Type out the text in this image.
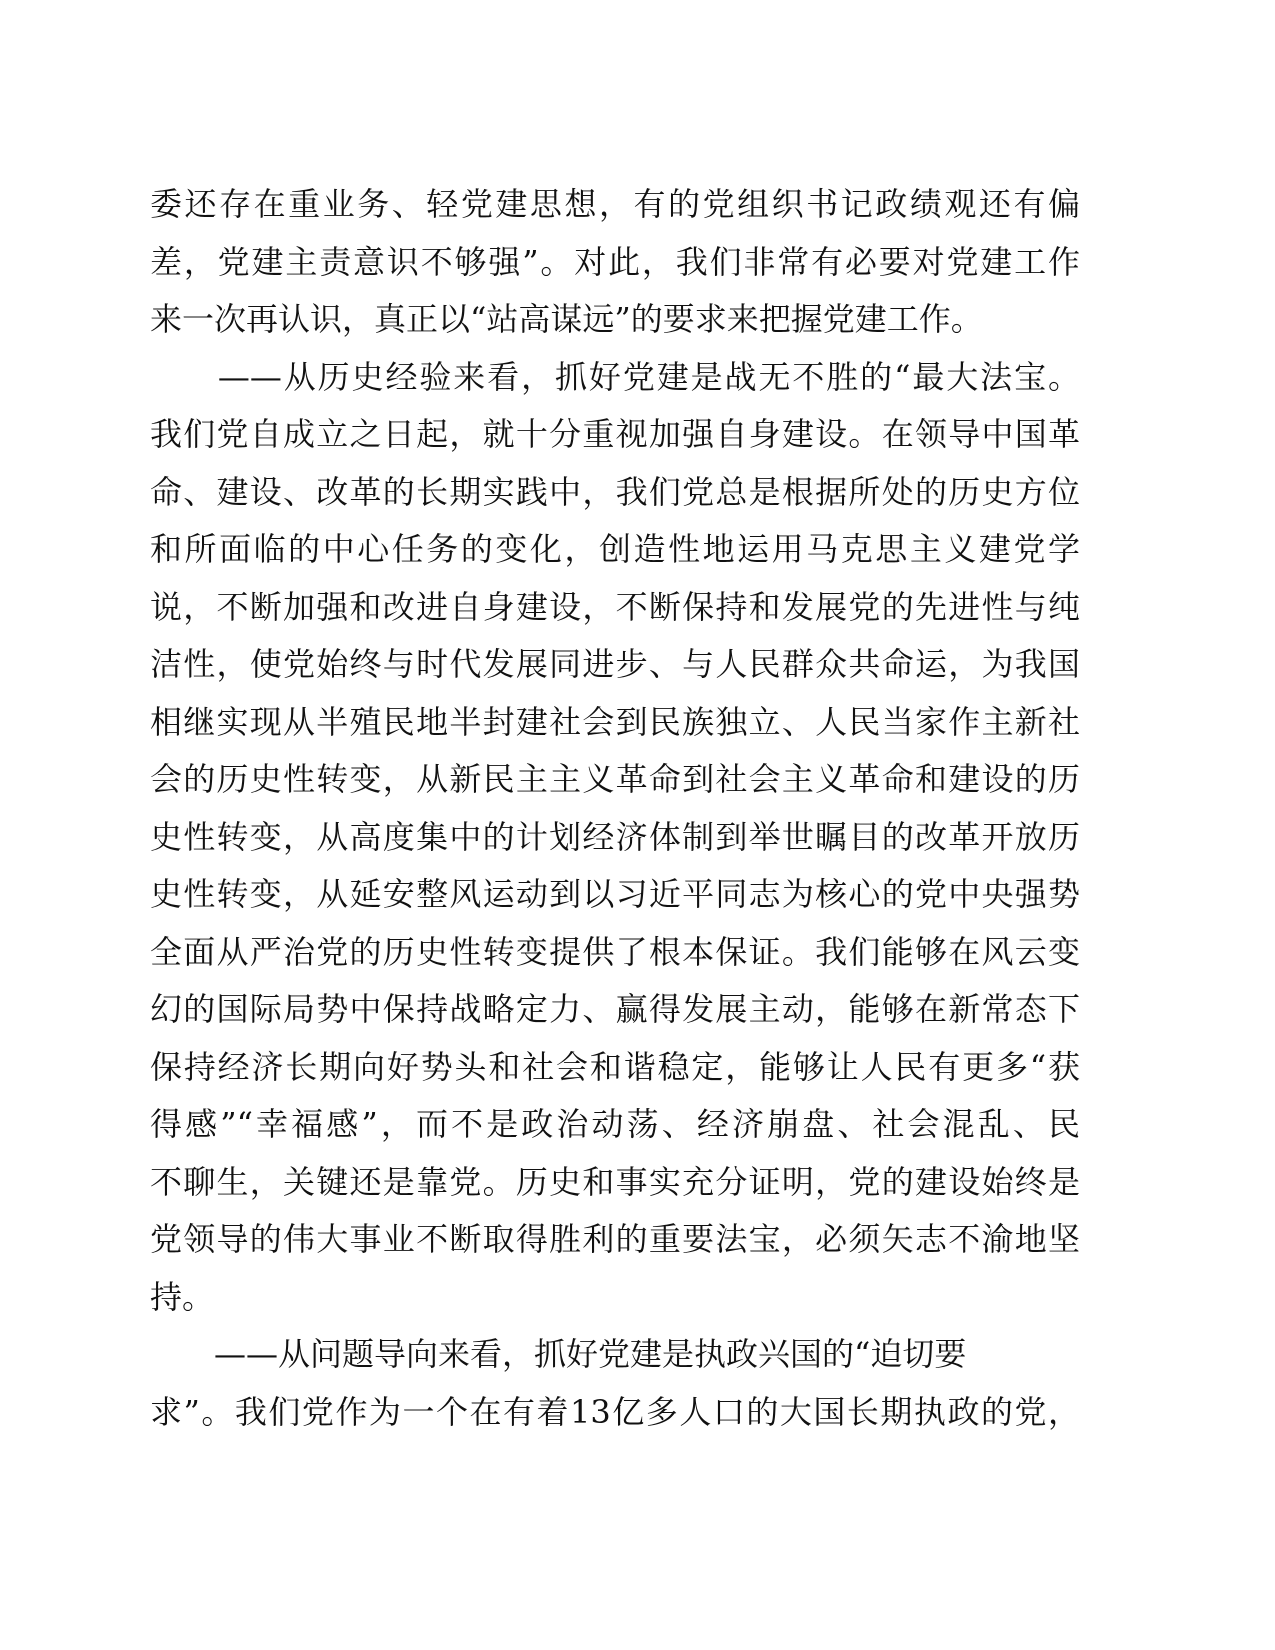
委还存在重业务、轻党建思想，有的党组织书记政绩观还有偏
差，党建主责意识不够强”。对此，我们非常有必要对党建工作
来一次再认识，真正以“站高谋远”的要求来把握党建工作。
　　——从历史经验来看，抓好党建是战无不胜的“最大法宝。
我们党自成立之日起，就十分重视加强自身建设。在领导中国革
命、建设、改革的长期实践中，我们党总是根据所处的历史方位
和所面临的中心任务的变化，创造性地运用马克思主义建党学
说，不断加强和改进自身建设，不断保持和发展党的先进性与纯
洁性，使党始终与时代发展同进步、与人民群众共命运，为我国
相继实现从半殖民地半封建社会到民族独立、人民当家作主新社
会的历史性转变，从新民主主义革命到社会主义革命和建设的历
史性转变，从高度集中的计划经济体制到举世瞩目的改革开放历
史性转变，从延安整风运动到以习近平同志为核心的党中央强势
全面从严治党的历史性转变提供了根本保证。我们能够在风云变
幻的国际局势中保持战略定力、赢得发展主动，能够在新常态下
保持经济长期向好势头和社会和谐稳定，能够让人民有更多“获
得感”“幸福感”，而不是政治动荡、经济崩盘、社会混乱、民
不聊生，关键还是靠党。历史和事实充分证明，党的建设始终是
党领导的伟大事业不断取得胜利的重要法宝，必须矢志不渝地坚
持。
　　——从问题导向来看，抓好党建是执政兴国的“迫切要
求”。我们党作为一个在有着13亿多人口的大国长期执政的党，
